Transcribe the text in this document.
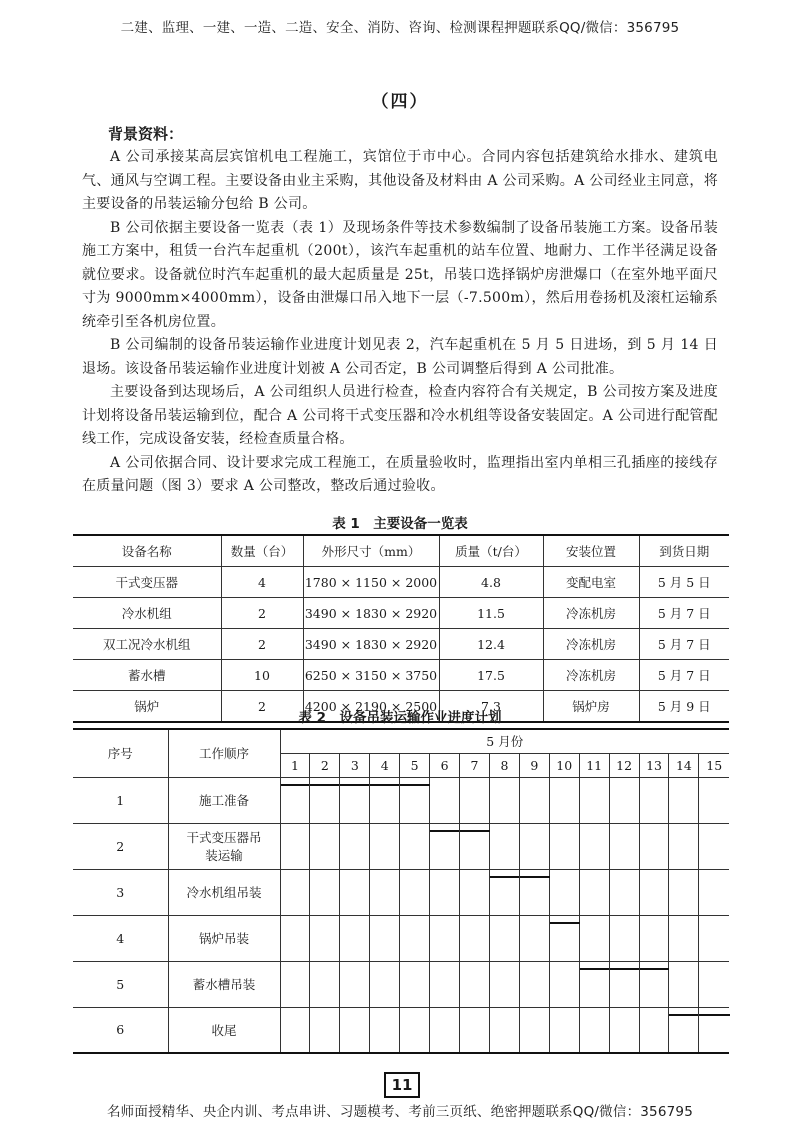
二建、监理、一建、一造、二造、安全、消防、咨询、检测课程押题联系QQ/微信：356795
（四）
背景资料：

A 公司承接某高层宾馆机电工程施工，宾馆位于市中心。合同内容包括建筑给水排水、建筑电气、通风与空调工程。主要设备由业主采购，其他设备及材料由 A 公司采购。A 公司经业主同意，将主要设备的吊装运输分包给 B 公司。

B 公司依据主要设备一览表（表 1）及现场条件等技术参数编制了设备吊装施工方案。设备吊装施工方案中，租赁一台汽车起重机（200t），该汽车起重机的站车位置、地耐力、工作半径满足设备就位要求。设备就位时汽车起重机的最大起质量是 25t，吊装口选择锅炉房泄爆口（在室外地平面尺寸为 9000mm×4000mm），设备由泄爆口吊入地下一层（-7.500m），然后用卷扬机及滚杠运输系统牵引至各机房位置。

B 公司编制的设备吊装运输作业进度计划见表 2，汽车起重机在 5 月 5 日进场，到 5 月 14 日退场。该设备吊装运输作业进度计划被 A 公司否定，B 公司调整后得到 A 公司批准。

主要设备到达现场后，A 公司组织人员进行检查，检查内容符合有关规定，B 公司按方案及进度计划将设备吊装运输到位，配合 A 公司将干式变压器和冷水机组等设备安装固定。A 公司进行配管配线工作，完成设备安装，经检查质量合格。

A 公司依据合同、设计要求完成工程施工，在质量验收时，监理指出室内单相三孔插座的接线存在质量问题（图 3）要求 A 公司整改，整改后通过验收。

表 1　主要设备一览表
设备名称	数量（台）	外形尺寸（mm）	质量（t/台）	安装位置	到货日期
干式变压器	4	1780 × 1150 × 2000	4.8	变配电室	5 月 5 日
冷水机组	2	3490 × 1830 × 2920	11.5	冷冻机房	5 月 7 日
双工况冷水机组	2	3490 × 1830 × 2920	12.4	冷冻机房	5 月 7 日
蓄水槽	10	6250 × 3150 × 3750	17.5	冷冻机房	5 月 7 日
锅炉	2	4200 × 2190 × 2500	7.3	锅炉房	5 月 9 日
表 2　设备吊装运输作业进度计划
序号	工作顺序	5 月份														
		1	2	3	4	5	6	7	8	9	10	11	12	13	14	15
1	施工准备	

2	干式变压器吊装运输						

3	冷水机组吊装								

4	锅炉吊装										

5	蓄水槽吊装											

6	收尾														

11
名师面授精华、央企内训、考点串讲、习题模考、考前三页纸、绝密押题联系QQ/微信：356795
